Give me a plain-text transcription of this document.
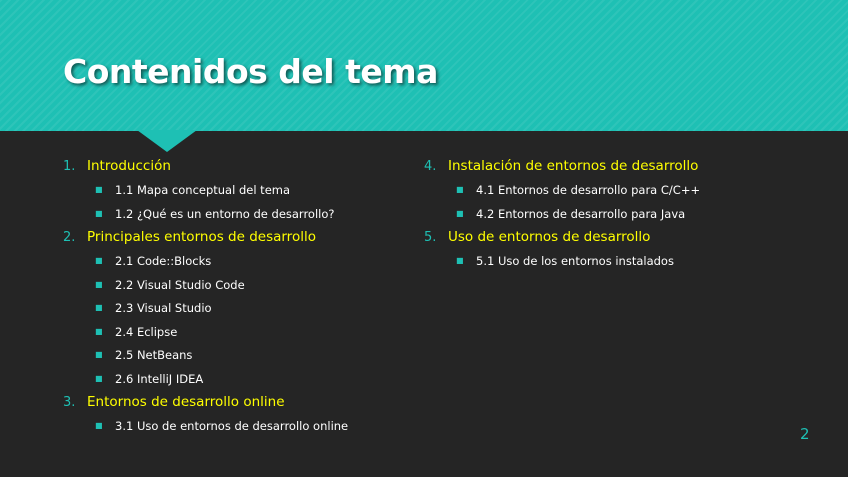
Contenidos del tema
1. Introducción
■	1.1 Mapa conceptual del tema
■	1.2 ¿Qué es un entorno de desarrollo?
2. Principales entornos de desarrollo
■	2.1 Code::Blocks
■	2.2 Visual Studio Code
■	2.3 Visual Studio
■	2.4 Eclipse
■	2.5 NetBeans
■	2.6 IntelliJ IDEA
3. Entornos de desarrollo online
■	3.1 Uso de entornos de desarrollo online
4. Instalación de entornos de desarrollo
■	4.1 Entornos de desarrollo para C/C++
■	4.2 Entornos de desarrollo para Java
5. Uso de entornos de desarrollo
■	5.1 Uso de los entornos instalados
2
